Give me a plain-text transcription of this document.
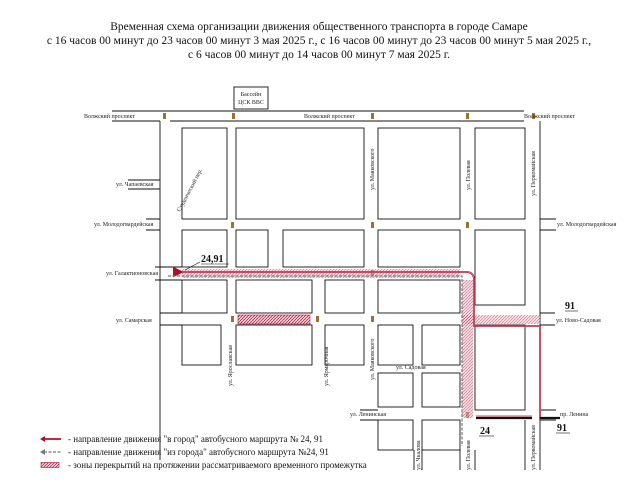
Временная схема организации движения общественного транспорта в городе Самаре
с 16 часов 00 минут до 23 часов 00 минут 3 мая 2025 г., с 16 часов 00 минут до 23 часов 00 минут 5 мая 2025 г.,
с 6 часов 00 минут до 14 часов 00 минут 7 мая 2025 г.
Бассейн
ЦСК ВВС
24,91
91
24	91
Волжский проспект	Волжский проспект	Волжский проспект
ул. Чапаевская	Студенческий пер.
ул. Молодогвардейская	ул. Молодогвардейская
ул. Галактионовская
ул. Самарская	ул. Ново-Садовая
ул. Ярославская	ул. Ярмарочная
ул. Маяковского
ул. Маяковского	ул. Садовая
ул. Полевая
ул. Полевая
ул. Первомайская
ул. Первомайская
ул. Чкалова
ул. Ленинская	пр. Ленина
- направление движения "в город" автобусного маршрута № 24, 91
- направление движения "из города" автобусного маршрута №24, 91
- зоны перекрытий на протяжении рассматриваемого временного промежутка
